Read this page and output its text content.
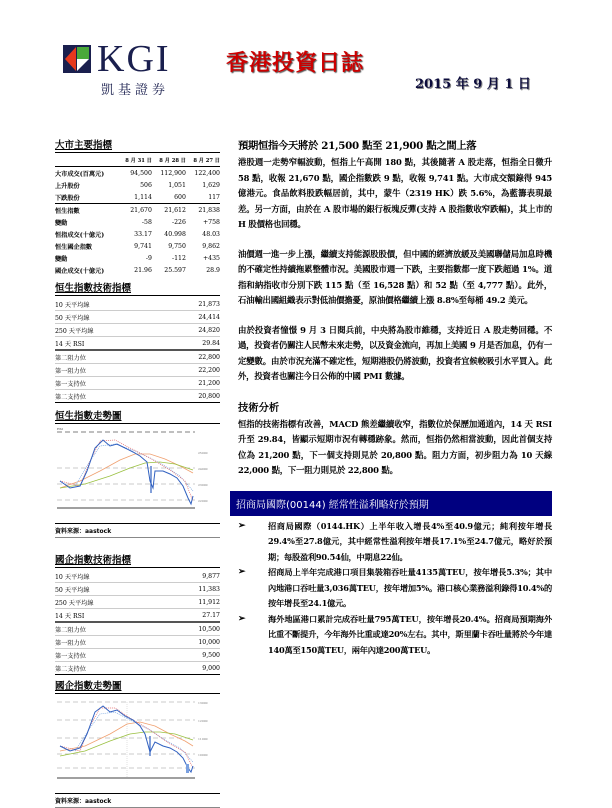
KGI
凱基證券
香港投資日誌
2015 年 9 月 1 日
大市主要指標
	8 月 31 日	8 月 28 日	8 月 27 日
大市成交(百萬元)	94,500	112,900	122,400
上升股份	506	1,051	1,629
下跌股份	1,114	600	117
恒生指數	21,670	21,612	21,838
變動	-58	-226	+758
恒指成交(十億元)	33.17	40.998	48.03
恒生國企指數	9,741	9,750	9,862
變動	-9	-112	+435
國企成交(十億元)	21.96	25.597	28.9
恒生指數技術指標
10 天平均線	21,873
50 天平均線	24,414
250 天平均線	24,820
14 天 RSI	29.84
第二阻力位	22,800
第一阻力位	22,200
第一支持位	21,200
第二支持位	20,800
恒生指數走勢圖
HSI
25000
24000
23000
22000
資料來源：aastock
國企指數技術指標
10 天平均線	9,877
50 天平均線	11,383
250 天平均線	11,912
14 天 RSI	27.17
第二阻力位	10,500
第一阻力位	10,000
第一支持位	9,500
第二支持位	9,000
國企指數走勢圖
13000
12000
11000
10000
資料來源：aastock
預期恒指今天將於 21,500 點至 21,900 點之間上落

港股週一走勢窄幅波動，恒指上午高開 180 點，其後隨著 A 股走落，恒指全日微升 58 點，收報 21,670 點，國企指數跌 9 點，收報 9,741 點。大市成交額錄得 945 億港元。食品飲料股跌幅居前，其中，蒙牛（2319 HK）跌 5.6%，為藍籌表現最差。另一方面，由於在 A 股市場的銀行板塊反彈(支持 A 股指數收窄跌幅)，其上市的 H 股價格也回穩。

油價週一進一步上漲，繼續支持能源股股價，但中國的經濟放緩及美國聯儲局加息時機的不確定性持續拖累整體市況。美國股市週一下跌，主要指數都一度下跌超過 1%。道指和納指收市分別下跌 115 點（至 16,528 點）和 52 點（至 4,777 點）。此外，石油輸出國組織表示對低油價擔憂，原油價格繼續上漲 8.8%至每桶 49.2 美元。

由於投資者憧憬 9 月 3 日閱兵前，中央將為股市維穩，支持近日 A 股走勢回穩。不過，投資者仍關注人民幣未來走勢，以及資金流向，再加上美國 9 月是否加息，仍有一定變數。由於市況充滿不確定性，短期港股仍將波動，投資者宜候較吸引水平買入。此外，投資者也關注今日公佈的中國 PMI 數據。

技術分析

恒指的技術指標有改善，MACD 熊差繼續收窄，指數位於保歷加通道內，14 天 RSI 升至 29.84，皆顯示短期市況有轉穩跡象。然而，恒指仍然相當波動，因此首個支持位為 21,200 點，下一個支持則見於 20,800 點。阻力方面，初步阻力為 10 天線 22,000 點，下一阻力則見於 22,800 點。

招商局國際(00144) 經常性溢利略好於預期
➢	招商局國際（0144.HK）上半年收入增長4%至40.9億元；純利按年增長29.4%至27.8億元，其中經常性溢利按年增長17.1%至24.7億元，略好於預期；每股盈利90.54仙，中期息22仙。
➢	招商局上半年完成港口項目集裝箱吞吐量4135萬TEU，按年增長5.3%；其中內地港口吞吐量3,036萬TEU，按年增加5%。港口核心業務溢利錄得10.4%的按年增長至24.1億元。
➢	海外地區港口累計完成吞吐量795萬TEU，按年增長20.4%。招商局預期海外比重不斷提升，今年海外比重或達20%左右。其中，斯里蘭卡吞吐量將於今年達140萬至150萬TEU，兩年內達200萬TEU。
